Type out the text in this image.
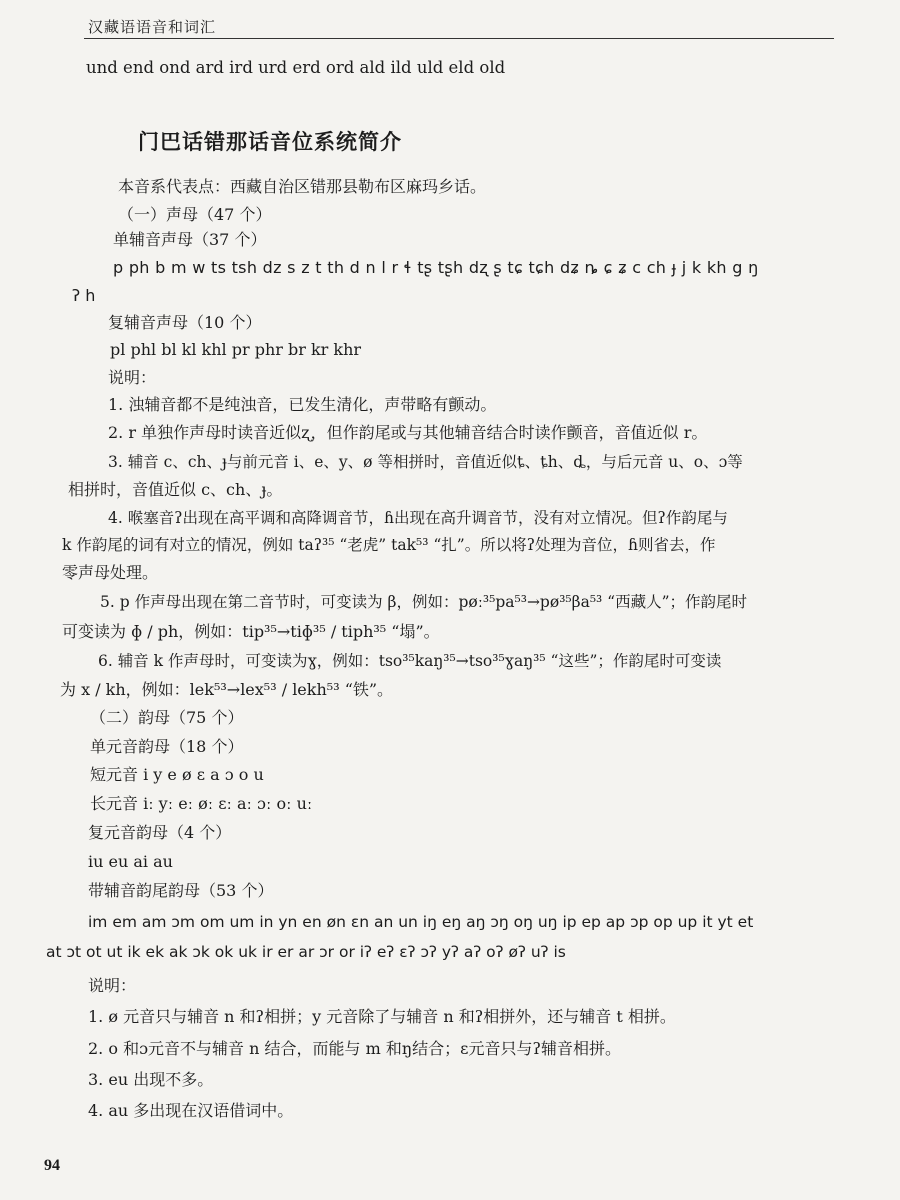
汉藏语语音和词汇
und end ond ard ird urd erd ord ald ild uld eld old
门巴话错那话音位系统简介
本音系代表点：西藏自治区错那县勒布区麻玛乡话。
（一）声母（47 个）
单辅音声母（37 个）
p ph b m w ts tsh dz s z t th d n l r ɬ tʂ tʂh dʐ ʂ tɕ tɕh dʑ ȵ ɕ ʑ c ch ɟ j k kh g ŋ
ʔ h
复辅音声母（10 个）
pl phl bl kl khl pr phr br kr khr
说明：
1. 浊辅音都不是纯浊音，已发生清化，声带略有颤动。
2. r 单独作声母时读音近似ʐ，但作韵尾或与其他辅音结合时读作颤音，音值近似 r。
3. 辅音 c、ch、ɟ与前元音 i、e、y、ø 等相拼时，音值近似ȶ、ȶh、ȡ，与后元音 u、o、ɔ等
相拼时，音值近似 c、ch、ɟ。
4. 喉塞音ʔ出现在高平调和高降调音节，ɦ出现在高升调音节，没有对立情况。但ʔ作韵尾与
k 作韵尾的词有对立的情况，例如 taʔ³⁵ “老虎” tak⁵³ “扎”。所以将ʔ处理为音位，ɦ则省去，作
零声母处理。
5. p 作声母出现在第二音节时，可变读为 β，例如：pøː³⁵pa⁵³→pø³⁵βa⁵³ “西藏人”；作韵尾时
可变读为 ɸ / ph，例如：tip³⁵→tiɸ³⁵ / tiph³⁵ “塌”。
6. 辅音 k 作声母时，可变读为ɣ，例如：tso³⁵kaŋ³⁵→tso³⁵ɣaŋ³⁵ “这些”；作韵尾时可变读
为 x / kh，例如：lek⁵³→lex⁵³ / lekh⁵³ “铁”。
（二）韵母（75 个）
单元音韵母（18 个）
短元音 i y e ø ɛ a ɔ o u
长元音 iː yː eː øː ɛː aː ɔː oː uː
复元音韵母（4 个）
iu eu ai au
带辅音韵尾韵母（53 个）
im em am ɔm om um in yn en øn ɛn an un iŋ eŋ aŋ ɔŋ oŋ uŋ ip ep ap ɔp op up it yt et
at ɔt ot ut ik ek ak ɔk ok uk ir er ar ɔr or iʔ eʔ ɛʔ ɔʔ yʔ aʔ oʔ øʔ uʔ is
说明：
1. ø 元音只与辅音 n 和ʔ相拼；y 元音除了与辅音 n 和ʔ相拼外，还与辅音 t 相拼。
2. o 和ɔ元音不与辅音 n 结合，而能与 m 和ŋ结合；ɛ元音只与ʔ辅音相拼。
3. eu 出现不多。
4. au 多出现在汉语借词中。
94
